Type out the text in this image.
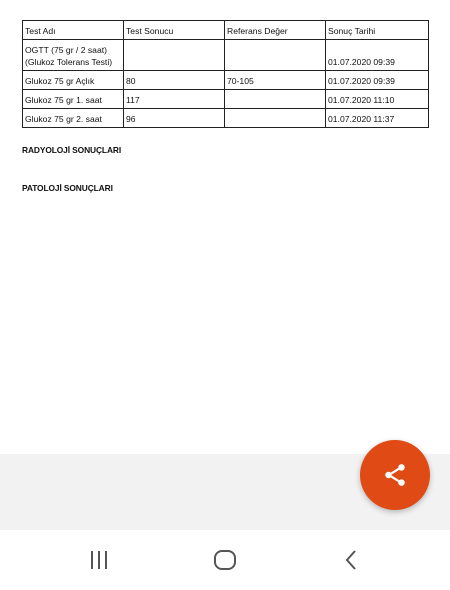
Test Adı	Test Sonucu	Referans Değer	Sonuç Tarihi

OGTT (75 gr / 2 saat)
(Glukoz Tolerans Testi)			01.07.2020 09:39
Glukoz 75 gr Açlık	80	70-105	01.07.2020 09:39
Glukoz 75 gr 1. saat	117		01.07.2020 11:10
Glukoz 75 gr 2. saat	96		01.07.2020 11:37
RADYOLOJİ SONUÇLARI
PATOLOJİ SONUÇLARI
